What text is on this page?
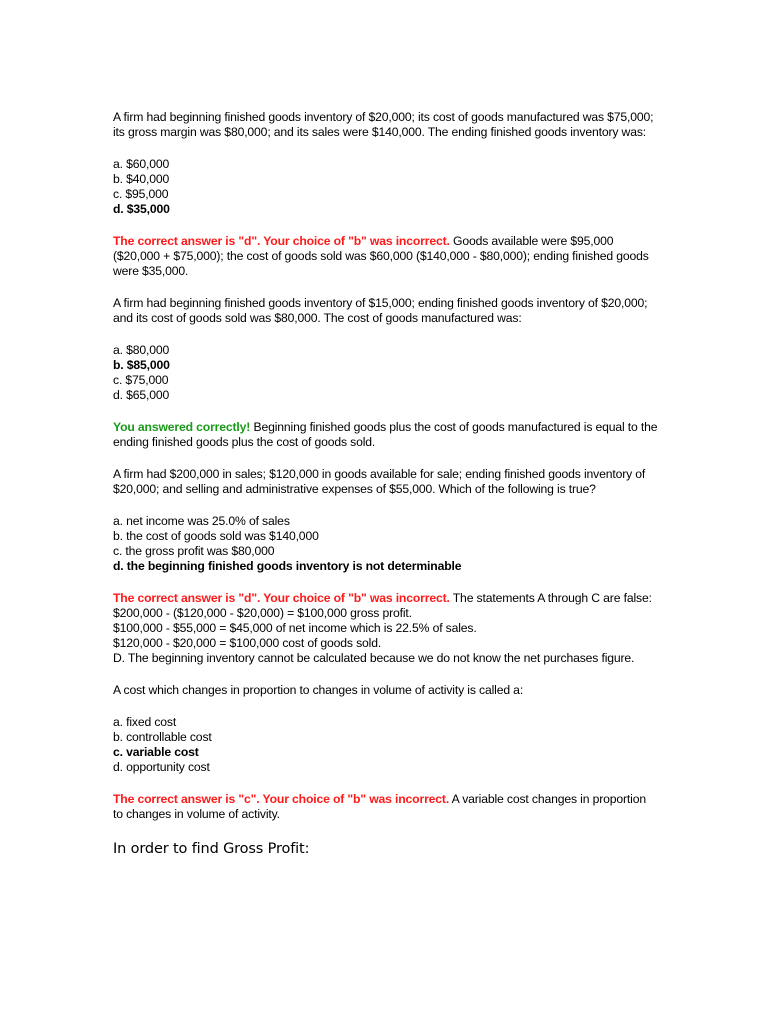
A firm had beginning finished goods inventory of $20,000; its cost of goods manufactured was $75,000; its gross margin was $80,000; and its sales were $140,000. The ending finished goods inventory was:

a. $60,000
b. $40,000
c. $95,000
d. $35,000

The correct answer is "d". Your choice of "b" was incorrect. Goods available were $95,000 ($20,000 + $75,000); the cost of goods sold was $60,000 ($140,000 - $80,000); ending finished goods were $35,000.

A firm had beginning finished goods inventory of $15,000; ending finished goods inventory of $20,000; and its cost of goods sold was $80,000. The cost of goods manufactured was:

a. $80,000
b. $85,000
c. $75,000
d. $65,000

You answered correctly! Beginning finished goods plus the cost of goods manufactured is equal to the ending finished goods plus the cost of goods sold.

A firm had $200,000 in sales; $120,000 in goods available for sale; ending finished goods inventory of $20,000; and selling and administrative expenses of $55,000. Which of the following is true?

a. net income was 25.0% of sales
b. the cost of goods sold was $140,000
c. the gross profit was $80,000
d. the beginning finished goods inventory is not determinable
The correct answer is "d". Your choice of "b" was incorrect. The statements A through C are false:
$200,000 - ($120,000 - $20,000) = $100,000 gross profit.
$100,000 - $55,000 = $45,000 of net income which is 22.5% of sales.
$120,000 - $20,000 = $100,000 cost of goods sold.
D. The beginning inventory cannot be calculated because we do not know the net purchases figure.

A cost which changes in proportion to changes in volume of activity is called a:

a. fixed cost
b. controllable cost
c. variable cost
d. opportunity cost

The correct answer is "c". Your choice of "b" was incorrect. A variable cost changes in proportion to changes in volume of activity.

In order to find Gross Profit:
